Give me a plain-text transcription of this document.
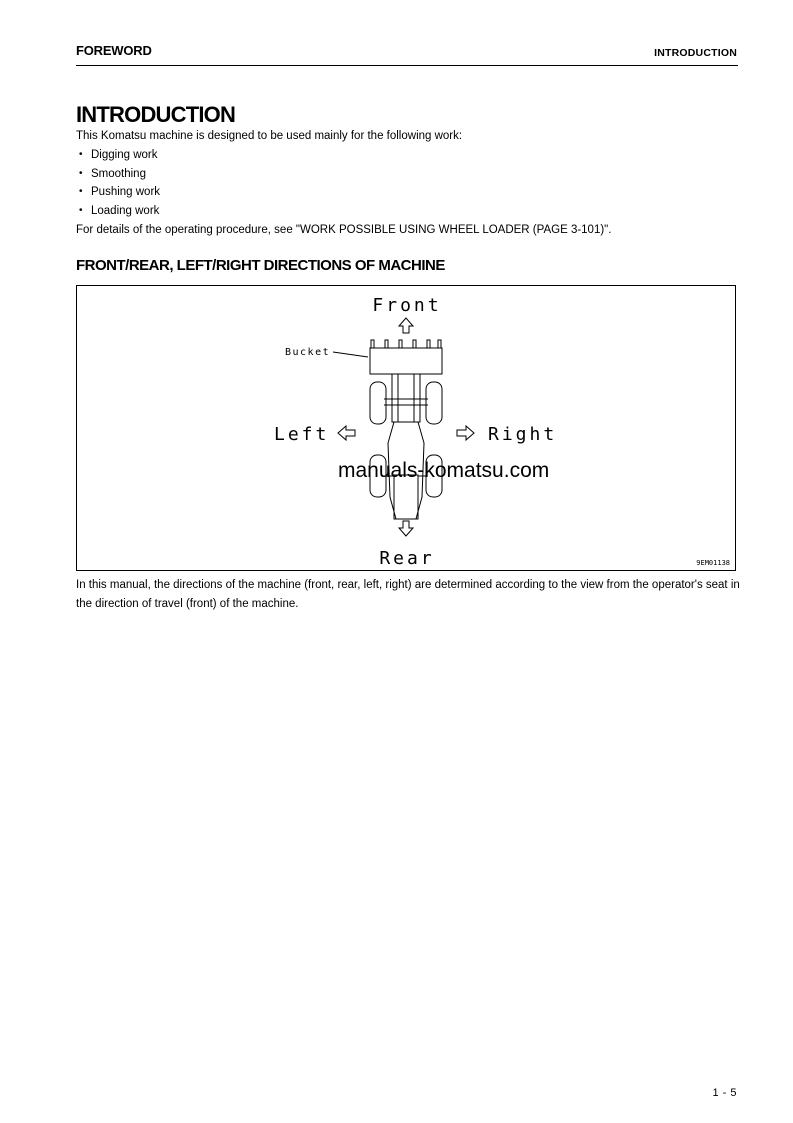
FOREWORD	INTRODUCTION
INTRODUCTION
This Komatsu machine is designed to be used mainly for the following work:
• Digging work
• Smoothing
• Pushing work
• Loading work
For details of the operating procedure, see "WORK POSSIBLE USING WHEEL LOADER (PAGE 3-101)".
FRONT/REAR, LEFT/RIGHT DIRECTIONS OF MACHINE
Front
Rear
Left	Right
Bucket
9EM01138
manuals-komatsu.com
In this manual, the directions of the machine (front, rear, left, right) are determined according to the view from the operator's seat in the direction of travel (front) of the machine.
1 - 5
